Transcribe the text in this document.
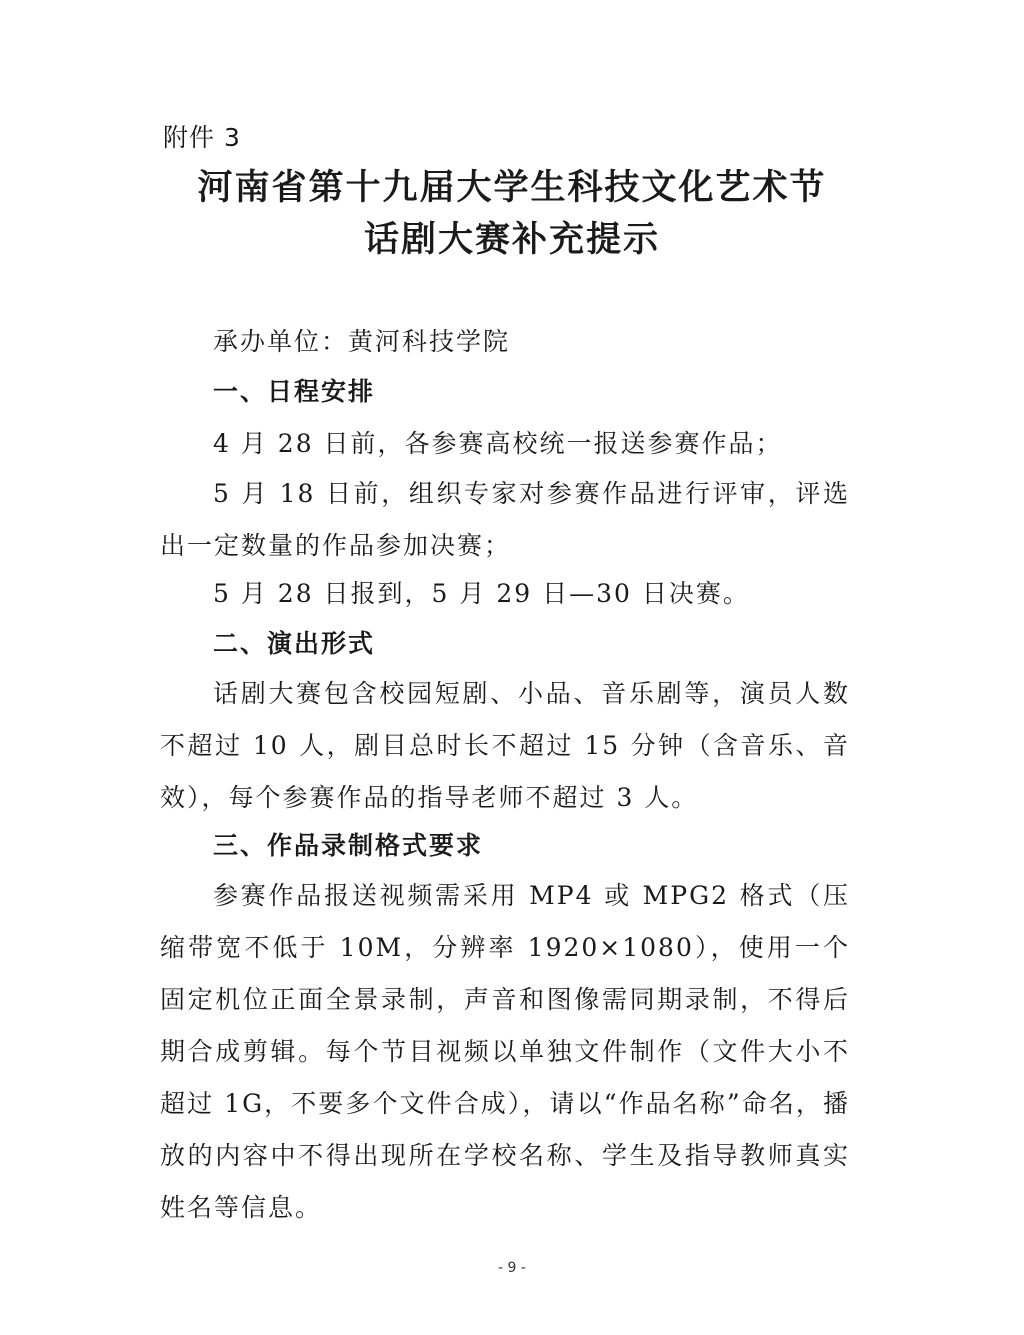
附件 3
河南省第十九届大学生科技文化艺术节
话剧大赛补充提示

承办单位：黄河科技学院

一、日程安排

4 月 28 日前，各参赛高校统一报送参赛作品；

5 月 18 日前，组织专家对参赛作品进行评审，评选出一定数量的作品参加决赛；

5 月 28 日报到，5 月 29 日—30 日决赛。

二、演出形式

话剧大赛包含校园短剧、小品、音乐剧等，演员人数不超过 10 人，剧目总时长不超过 15 分钟（含音乐、音效），每个参赛作品的指导老师不超过 3 人。

三、作品录制格式要求

参赛作品报送视频需采用 MP4 或 MPG2 格式（压缩带宽不低于 10M，分辨率 1920×1080），使用一个固定机位正面全景录制，声音和图像需同期录制，不得后期合成剪辑。每个节目视频以单独文件制作（文件大小不超过 1G，不要多个文件合成），请以“作品名称”命名，播放的内容中不得出现所在学校名称、学生及指导教师真实姓名等信息。

- 9 -
